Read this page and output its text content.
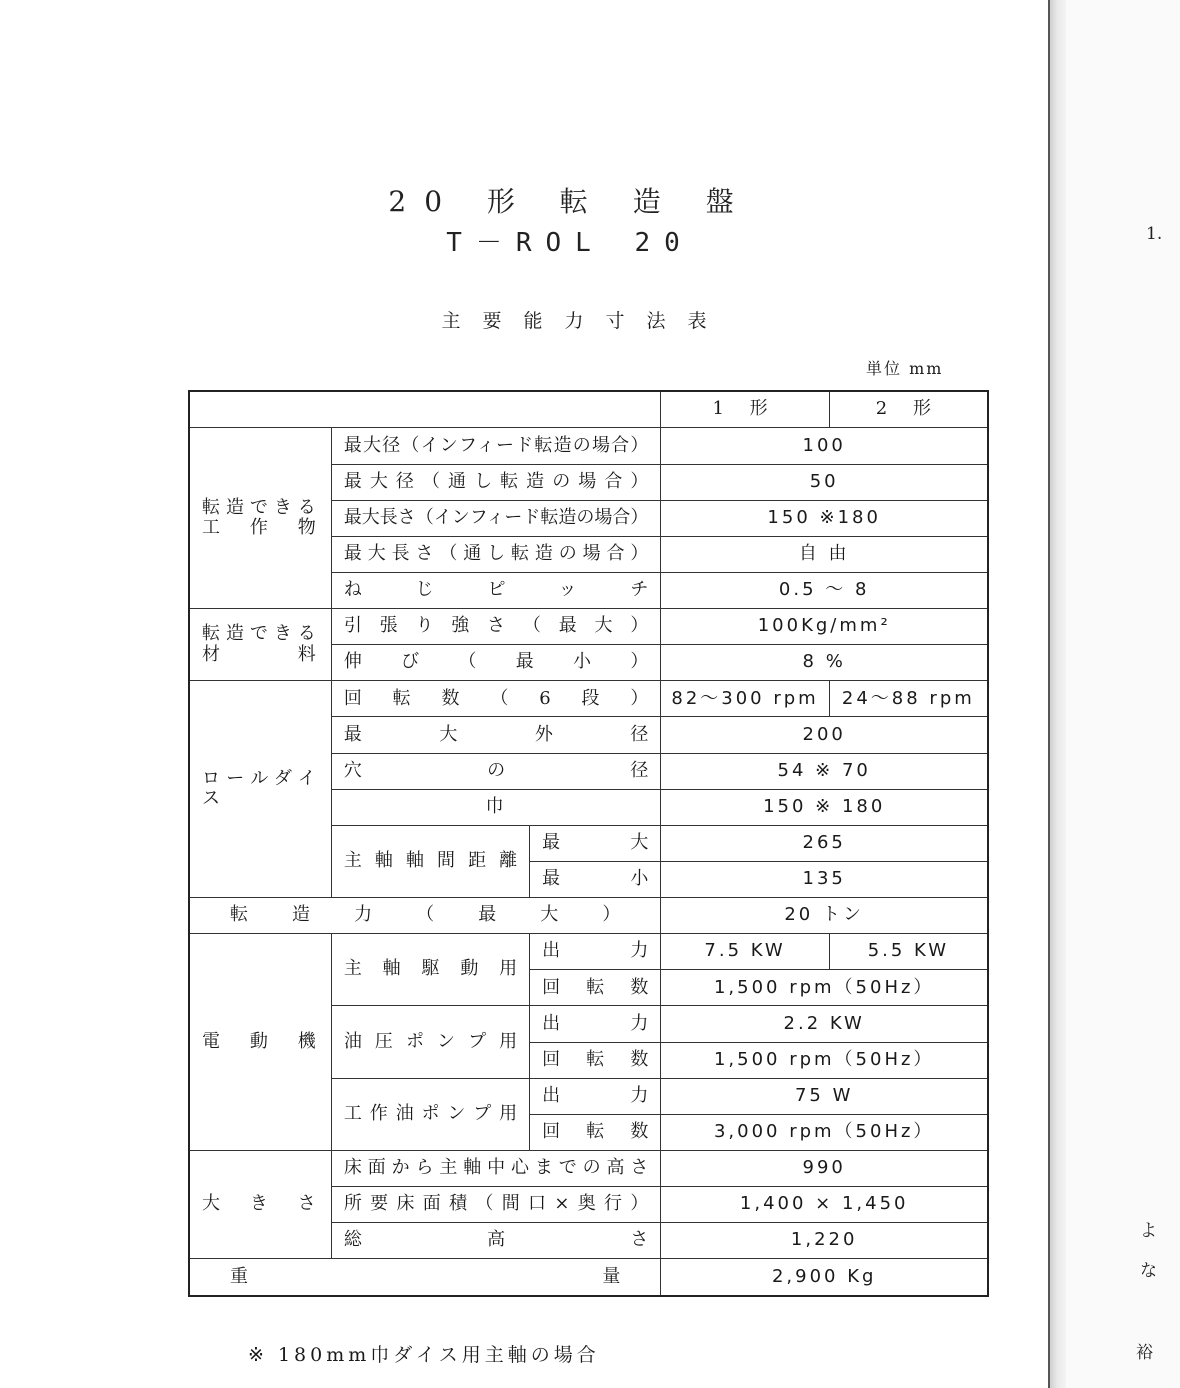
1.
よ
な
裕
20 形 転 造 盤
T－ROL 20
主要能力寸法表
単位 mm
			1 形	2 形
転造できる工作物	最大径（インフィード転造の場合）		100	
	最大径（通し転造の場合）		50	
	最大長さ（インフィード転造の場合）		150 ※180	
	最大長さ（通し転造の場合）		自 由	
	ねじピッチ		0.5 ～ 8	
転造できる材料	引張り強さ（最大）		100Kg/mm²	
	伸び（最小）		8 %	
ロールダイス	回転数（6段）		82～300 rpm	24～88 rpm
	最大外径		200	
	穴の径		54 ※ 70	
	巾		150 ※ 180	
	主軸軸間距離	最大	265	
		最小	135	
転造力（最大）			20 トン	
電動機	主軸駆動用	出力	7.5 KW	5.5 KW
		回転数	1,500 rpm（50Hz）	
	油圧ポンプ用	出力	2.2 KW	
		回転数	1,500 rpm（50Hz）	
	工作油ポンプ用	出力	75 W	
		回転数	3,000 rpm（50Hz）	
大きさ	床面から主軸中心までの高さ		990	
	所要床面積（間口×奥行）		1,400 × 1,450	
	総高さ		1,220	
重量			2,900 Kg	
※ 180mm巾ダイス用主軸の場合
